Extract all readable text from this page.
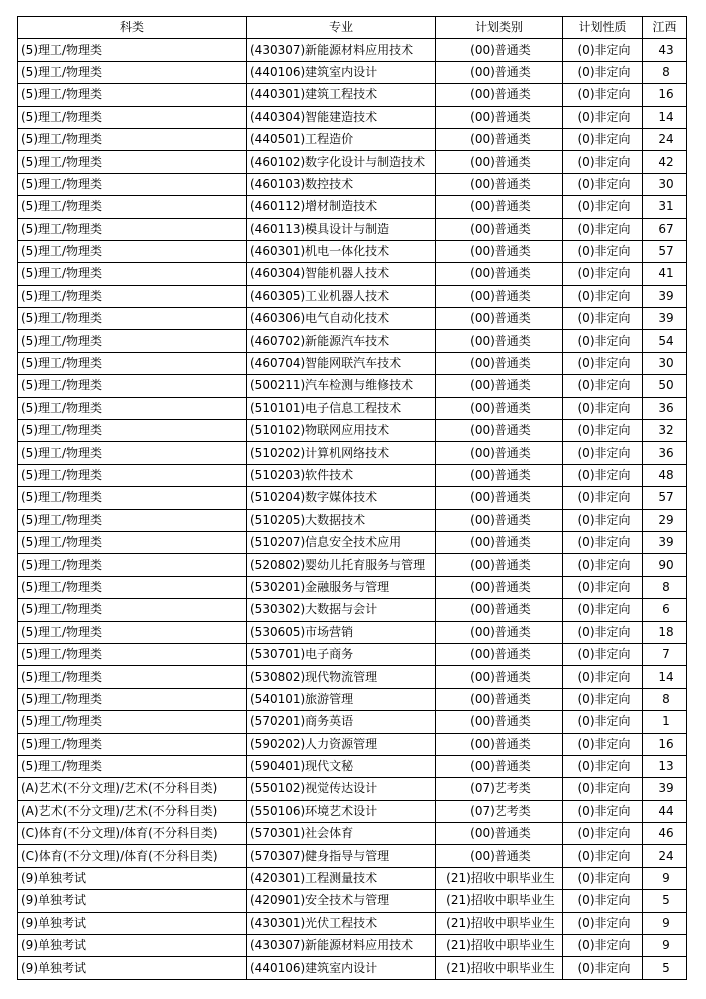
科类	专业	计划类别	计划性质	江西
(5)理工/物理类	(430307)新能源材料应用技术	(00)普通类	(0)非定向	43
(5)理工/物理类	(440106)建筑室内设计	(00)普通类	(0)非定向	8
(5)理工/物理类	(440301)建筑工程技术	(00)普通类	(0)非定向	16
(5)理工/物理类	(440304)智能建造技术	(00)普通类	(0)非定向	14
(5)理工/物理类	(440501)工程造价	(00)普通类	(0)非定向	24
(5)理工/物理类	(460102)数字化设计与制造技术	(00)普通类	(0)非定向	42
(5)理工/物理类	(460103)数控技术	(00)普通类	(0)非定向	30
(5)理工/物理类	(460112)增材制造技术	(00)普通类	(0)非定向	31
(5)理工/物理类	(460113)模具设计与制造	(00)普通类	(0)非定向	67
(5)理工/物理类	(460301)机电一体化技术	(00)普通类	(0)非定向	57
(5)理工/物理类	(460304)智能机器人技术	(00)普通类	(0)非定向	41
(5)理工/物理类	(460305)工业机器人技术	(00)普通类	(0)非定向	39
(5)理工/物理类	(460306)电气自动化技术	(00)普通类	(0)非定向	39
(5)理工/物理类	(460702)新能源汽车技术	(00)普通类	(0)非定向	54
(5)理工/物理类	(460704)智能网联汽车技术	(00)普通类	(0)非定向	30
(5)理工/物理类	(500211)汽车检测与维修技术	(00)普通类	(0)非定向	50
(5)理工/物理类	(510101)电子信息工程技术	(00)普通类	(0)非定向	36
(5)理工/物理类	(510102)物联网应用技术	(00)普通类	(0)非定向	32
(5)理工/物理类	(510202)计算机网络技术	(00)普通类	(0)非定向	36
(5)理工/物理类	(510203)软件技术	(00)普通类	(0)非定向	48
(5)理工/物理类	(510204)数字媒体技术	(00)普通类	(0)非定向	57
(5)理工/物理类	(510205)大数据技术	(00)普通类	(0)非定向	29
(5)理工/物理类	(510207)信息安全技术应用	(00)普通类	(0)非定向	39
(5)理工/物理类	(520802)婴幼儿托育服务与管理	(00)普通类	(0)非定向	90
(5)理工/物理类	(530201)金融服务与管理	(00)普通类	(0)非定向	8
(5)理工/物理类	(530302)大数据与会计	(00)普通类	(0)非定向	6
(5)理工/物理类	(530605)市场营销	(00)普通类	(0)非定向	18
(5)理工/物理类	(530701)电子商务	(00)普通类	(0)非定向	7
(5)理工/物理类	(530802)现代物流管理	(00)普通类	(0)非定向	14
(5)理工/物理类	(540101)旅游管理	(00)普通类	(0)非定向	8
(5)理工/物理类	(570201)商务英语	(00)普通类	(0)非定向	1
(5)理工/物理类	(590202)人力资源管理	(00)普通类	(0)非定向	16
(5)理工/物理类	(590401)现代文秘	(00)普通类	(0)非定向	13
(A)艺术(不分文理)/艺术(不分科目类)	(550102)视觉传达设计	(07)艺考类	(0)非定向	39
(A)艺术(不分文理)/艺术(不分科目类)	(550106)环境艺术设计	(07)艺考类	(0)非定向	44
(C)体育(不分文理)/体育(不分科目类)	(570301)社会体育	(00)普通类	(0)非定向	46
(C)体育(不分文理)/体育(不分科目类)	(570307)健身指导与管理	(00)普通类	(0)非定向	24
(9)单独考试	(420301)工程测量技术	(21)招收中职毕业生	(0)非定向	9
(9)单独考试	(420901)安全技术与管理	(21)招收中职毕业生	(0)非定向	5
(9)单独考试	(430301)光伏工程技术	(21)招收中职毕业生	(0)非定向	9
(9)单独考试	(430307)新能源材料应用技术	(21)招收中职毕业生	(0)非定向	9
(9)单独考试	(440106)建筑室内设计	(21)招收中职毕业生	(0)非定向	5
